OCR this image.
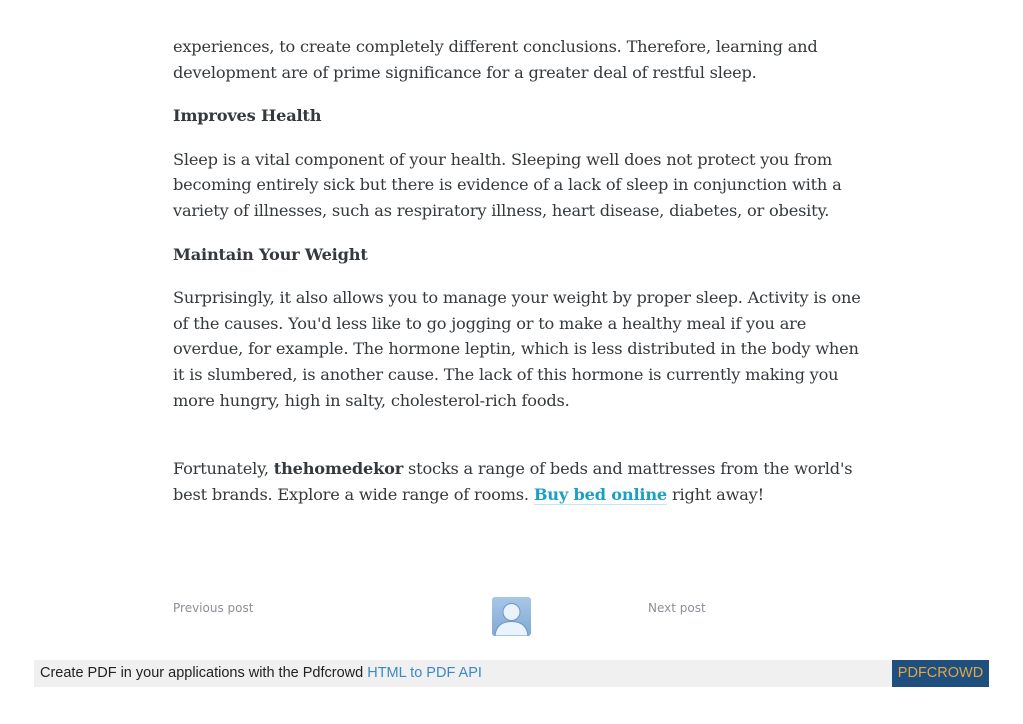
experiences, to create completely different conclusions. Therefore, learning and development are of prime significance for a greater deal of restful sleep.

Improves Health

Sleep is a vital component of your health. Sleeping well does not protect you from becoming entirely sick but there is evidence of a lack of sleep in conjunction with a variety of illnesses, such as respiratory illness, heart disease, diabetes, or obesity.

Maintain Your Weight

Surprisingly, it also allows you to manage your weight by proper sleep. Activity is one of the causes. You'd less like to go jogging or to make a healthy meal if you are overdue, for example. The hormone leptin, which is less distributed in the body when it is slumbered, is another cause. The lack of this hormone is currently making you more hungry, high in salty, cholesterol-rich foods.

Fortunately, thehomedekor stocks a range of beds and mattresses from the world's best brands. Explore a wide range of rooms. Buy bed online right away!

Previous post	Next post
Create PDF in your applications with the Pdfcrowd HTML to PDF API	PDFCROWD
